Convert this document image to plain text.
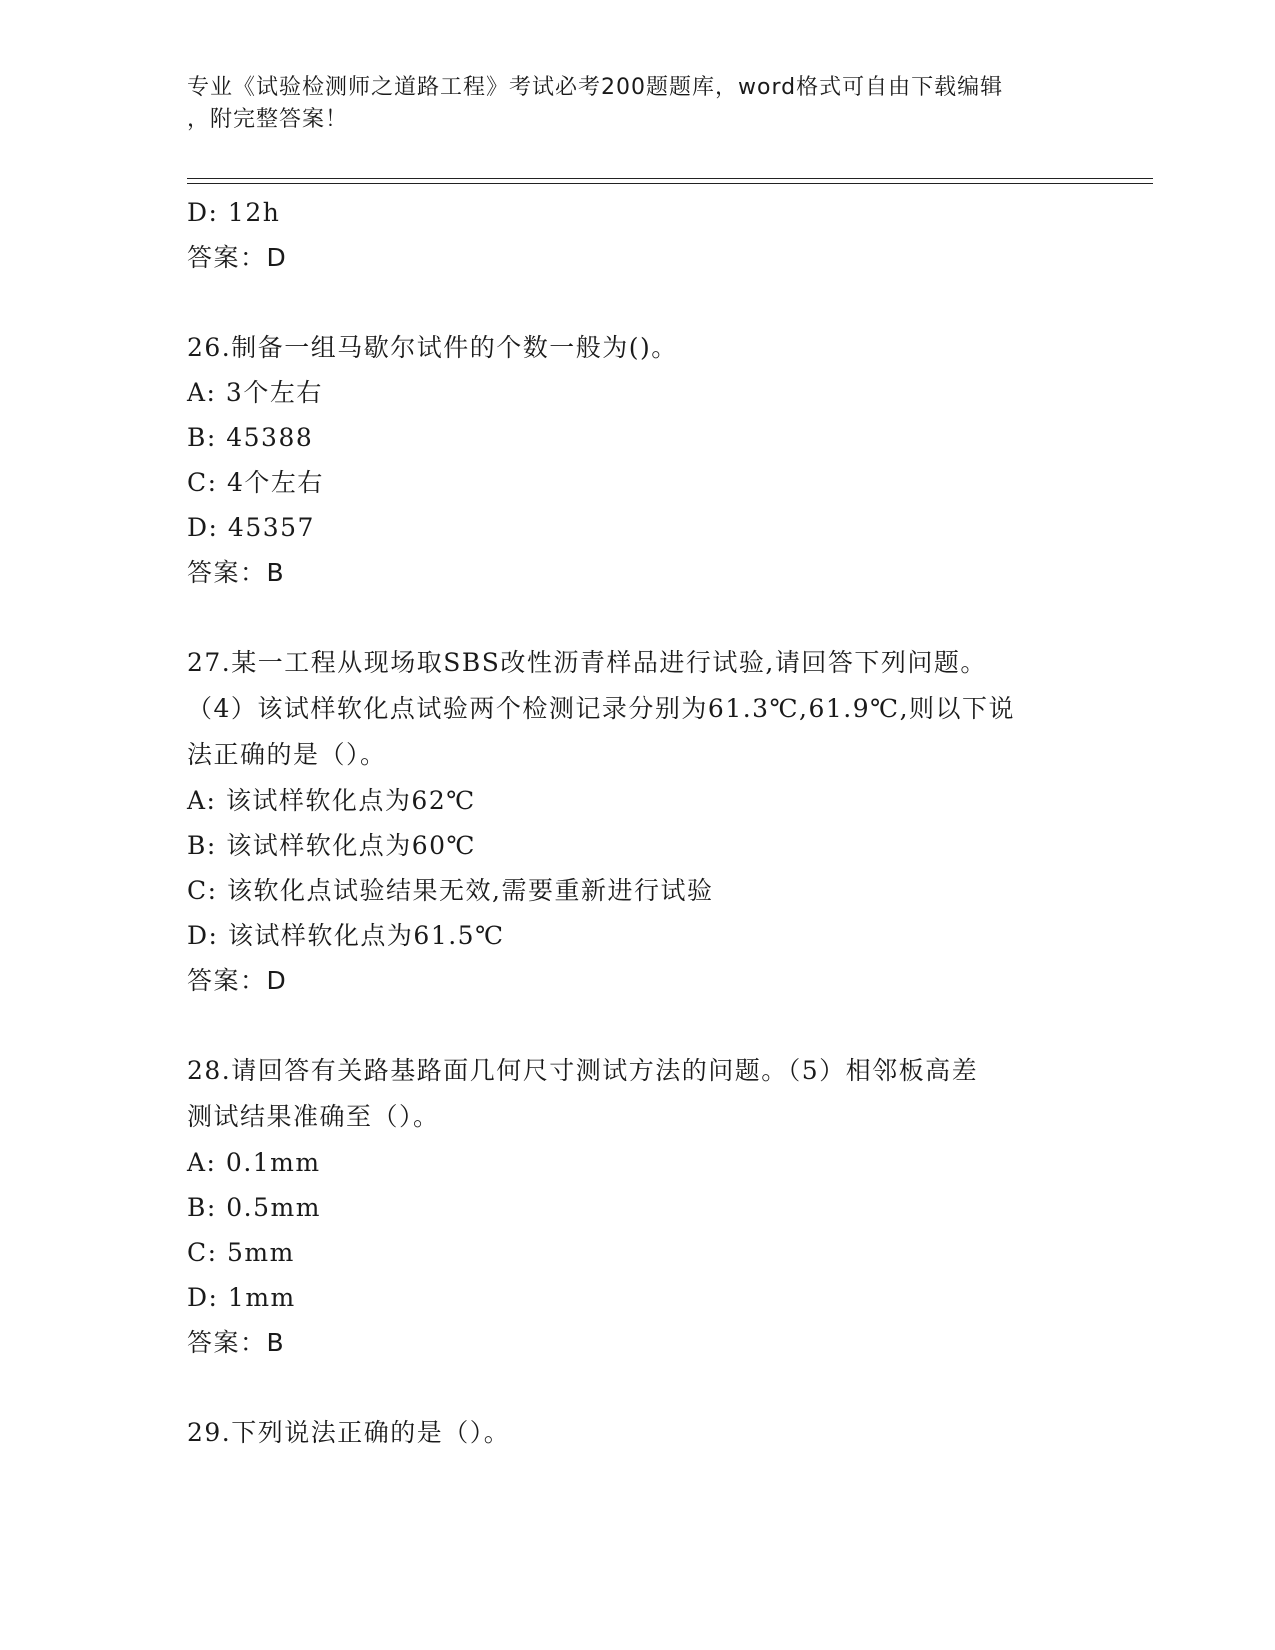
专业《试验检测师之道路工程》考试必考200题题库，word格式可自由下载编辑
，附完整答案！
D: 12h
答案：D
26.制备一组马歇尔试件的个数一般为()。
A: 3个左右
B: 45388
C: 4个左右
D: 45357
答案：B
27.某一工程从现场取SBS改性沥青样品进行试验,请回答下列问题。
（4）该试样软化点试验两个检测记录分别为61.3℃,61.9℃,则以下说
法正确的是（）。
A: 该试样软化点为62℃
B: 该试样软化点为60℃
C: 该软化点试验结果无效,需要重新进行试验
D: 该试样软化点为61.5℃
答案：D
28.请回答有关路基路面几何尺寸测试方法的问题。（5）相邻板高差
测试结果准确至（）。
A: 0.1mm
B: 0.5mm
C: 5mm
D: 1mm
答案：B
29.下列说法正确的是（）。
